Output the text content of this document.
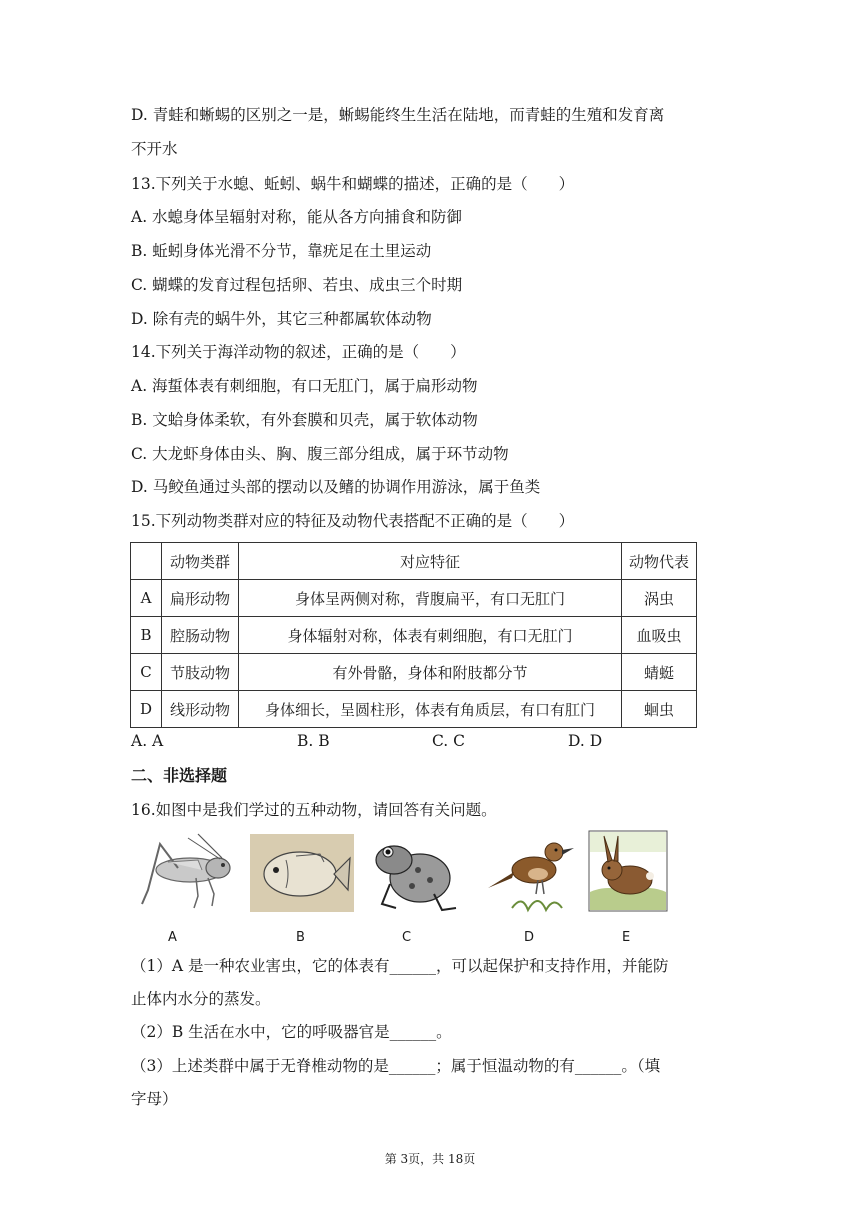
D. 青蛙和蜥蜴的区别之一是，蜥蜴能终生生活在陆地，而青蛙的生殖和发育离
不开水
13.下列关于水螅、蚯蚓、蜗牛和蝴蝶的描述，正确的是（　　）
A. 水螅身体呈辐射对称，能从各方向捕食和防御
B. 蚯蚓身体光滑不分节，靠疣足在土里运动
C. 蝴蝶的发育过程包括卵、若虫、成虫三个时期
D. 除有壳的蜗牛外，其它三种都属软体动物
14.下列关于海洋动物的叙述，正确的是（　　）
A. 海蜇体表有刺细胞，有口无肛门，属于扁形动物
B. 文蛤身体柔软，有外套膜和贝壳，属于软体动物
C. 大龙虾身体由头、胸、腹三部分组成，属于环节动物
D. 马鲛鱼通过头部的摆动以及鳍的协调作用游泳，属于鱼类
15.下列动物类群对应的特征及动物代表搭配不正确的是（　　）
	动物类群	对应特征	动物代表
A	扁形动物	身体呈两侧对称，背腹扁平，有口无肛门	涡虫
B	腔肠动物	身体辐射对称，体表有刺细胞，有口无肛门	血吸虫
C	节肢动物	有外骨骼，身体和附肢都分节	蜻蜓
D	线形动物	身体细长，呈圆柱形，体表有角质层，有口有肛门	蛔虫
A. A	B. B	C. C	D. D
二、非选择题
16.如图中是我们学过的五种动物，请回答有关问题。
A	B	C	D	E
（1）A 是一种农业害虫，它的体表有______，可以起保护和支持作用，并能防
止体内水分的蒸发。
（2）B 生活在水中，它的呼吸器官是______。
（3）上述类群中属于无脊椎动物的是______；属于恒温动物的有______。（填
字母）
第 3页，共 18页
